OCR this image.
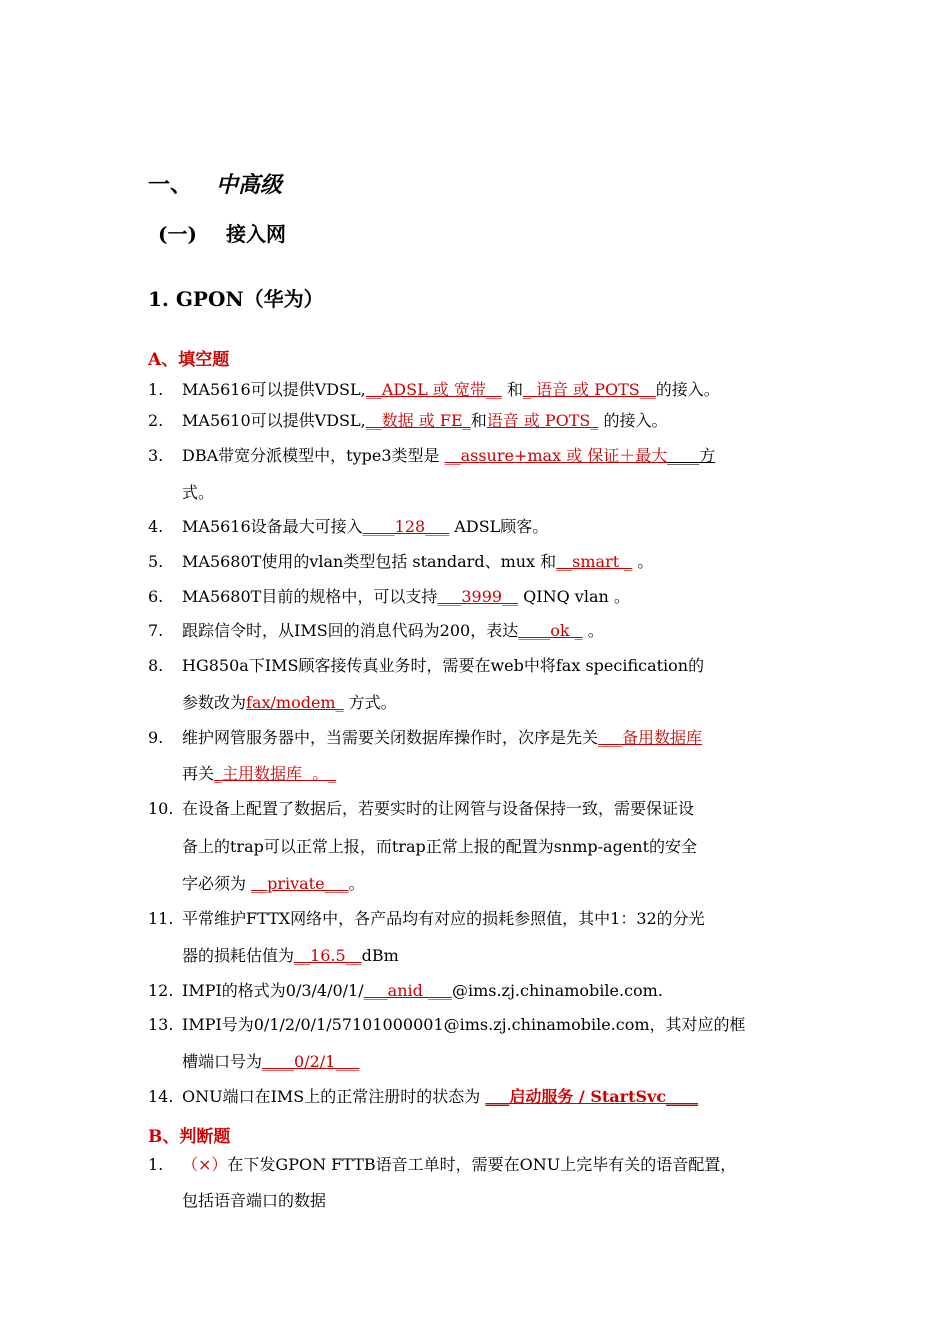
一、 中高级
(一) 接入网
1. GPON（华为）
A、填空题
1. MA5616可以提供VDSL,__ADSL 或 宽带__ 和_ 语音 或 POTS__的接入。
2. MA5610可以提供VDSL,__数据 或 FE_和语音 或 POTS_ 的接入。
3. DBA带宽分派模型中，type3类型是 __assure+max 或 保证＋最大____方
式。
4. MA5616设备最大可接入____128___ ADSL顾客。
5. MA5680T使用的vlan类型包括 standard、mux 和__smart _ 。
6. MA5680T目前的规格中，可以支持___3999__ QINQ vlan 。
7. 跟踪信令时，从IMS回的消息代码为200，表达____ok _ 。
8. HG850a下IMS顾客接传真业务时，需要在web中将fax specification的
参数改为fax/modem_ 方式。
9. 维护网管服务器中，当需要关闭数据库操作时，次序是先关___备用数据库
再关_主用数据库  。_
10. 在设备上配置了数据后，若要实时的让网管与设备保持一致，需要保证设
备上的trap可以正常上报，而trap正常上报的配置为snmp-agent的安全
字必须为 __private___。
11. 平常维护FTTX网络中，各产品均有对应的损耗参照值，其中1：32的分光
器的损耗估值为__16.5__dBm
12. IMPI的格式为0/3/4/0/1/___anid ___@ims.zj.chinamobile.com.
13. IMPI号为0/1/2/0/1/57101000001@ims.zj.chinamobile.com，其对应的框
槽端口号为____0/2/1___
14. ONU端口在IMS上的正常注册时的状态为 ___启动服务 / StartSvc____
B、判断题
1. （×）在下发GPON FTTB语音工单时，需要在ONU上完毕有关的语音配置，
包括语音端口的数据
